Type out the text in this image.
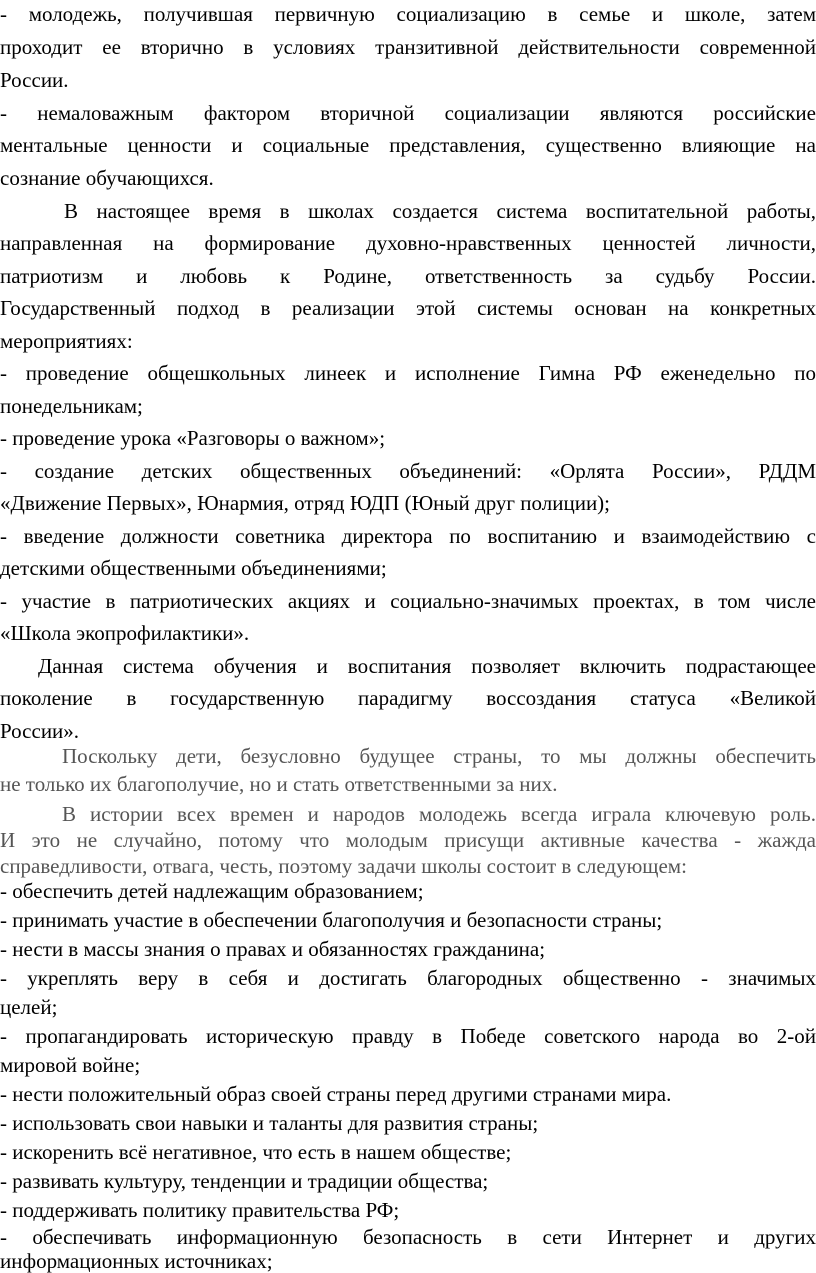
- молодежь, получившая первичную социализацию в семье и школе, затем
проходит ее вторично в условиях транзитивной действительности современной
России.
- немаловажным фактором вторичной социализации являются российские
ментальные ценности и социальные представления, существенно влияющие на
сознание обучающихся.
В настоящее время в школах создается система воспитательной работы,
направленная на формирование духовно-нравственных ценностей личности,
патриотизм и любовь к Родине, ответственность за судьбу России.
Государственный подход в реализации этой системы основан на конкретных
мероприятиях:
- проведение общешкольных линеек и исполнение Гимна РФ еженедельно по
понедельникам;
- проведение урока «Разговоры о важном»;
- создание детских общественных объединений: «Орлята России», РДДМ
«Движение Первых», Юнармия, отряд ЮДП (Юный друг полиции);
- введение должности советника директора по воспитанию и взаимодействию с
детскими общественными объединениями;
- участие в патриотических акциях и социально-значимых проектах, в том числе
«Школа экопрофилактики».
Данная система обучения и воспитания позволяет включить подрастающее
поколение в государственную парадигму воссоздания статуса «Великой
России».
Поскольку дети, безусловно будущее страны, то мы должны обеспечить
не только их благополучие, но и стать ответственными за них.
В истории всех времен и народов молодежь всегда играла ключевую роль.
И это не случайно, потому что молодым присущи активные качества - жажда
справедливости, отвага, честь, поэтому задачи школы состоит в следующем:
- обеспечить детей надлежащим образованием;
- принимать участие в обеспечении благополучия и безопасности страны;
- нести в массы знания о правах и обязанностях гражданина;
- укреплять веру в себя и достигать благородных общественно - значимых
целей;
- пропагандировать историческую правду в Победе советского народа во 2-ой
мировой войне;
- нести положительный образ своей страны перед другими странами мира.
- использовать свои навыки и таланты для развития страны;
- искоренить всё негативное, что есть в нашем обществе;
- развивать культуру, тенденции и традиции общества;
- поддерживать политику правительства РФ;
- обеспечивать информационную безопасность в сети Интернет и других
информационных источниках;
